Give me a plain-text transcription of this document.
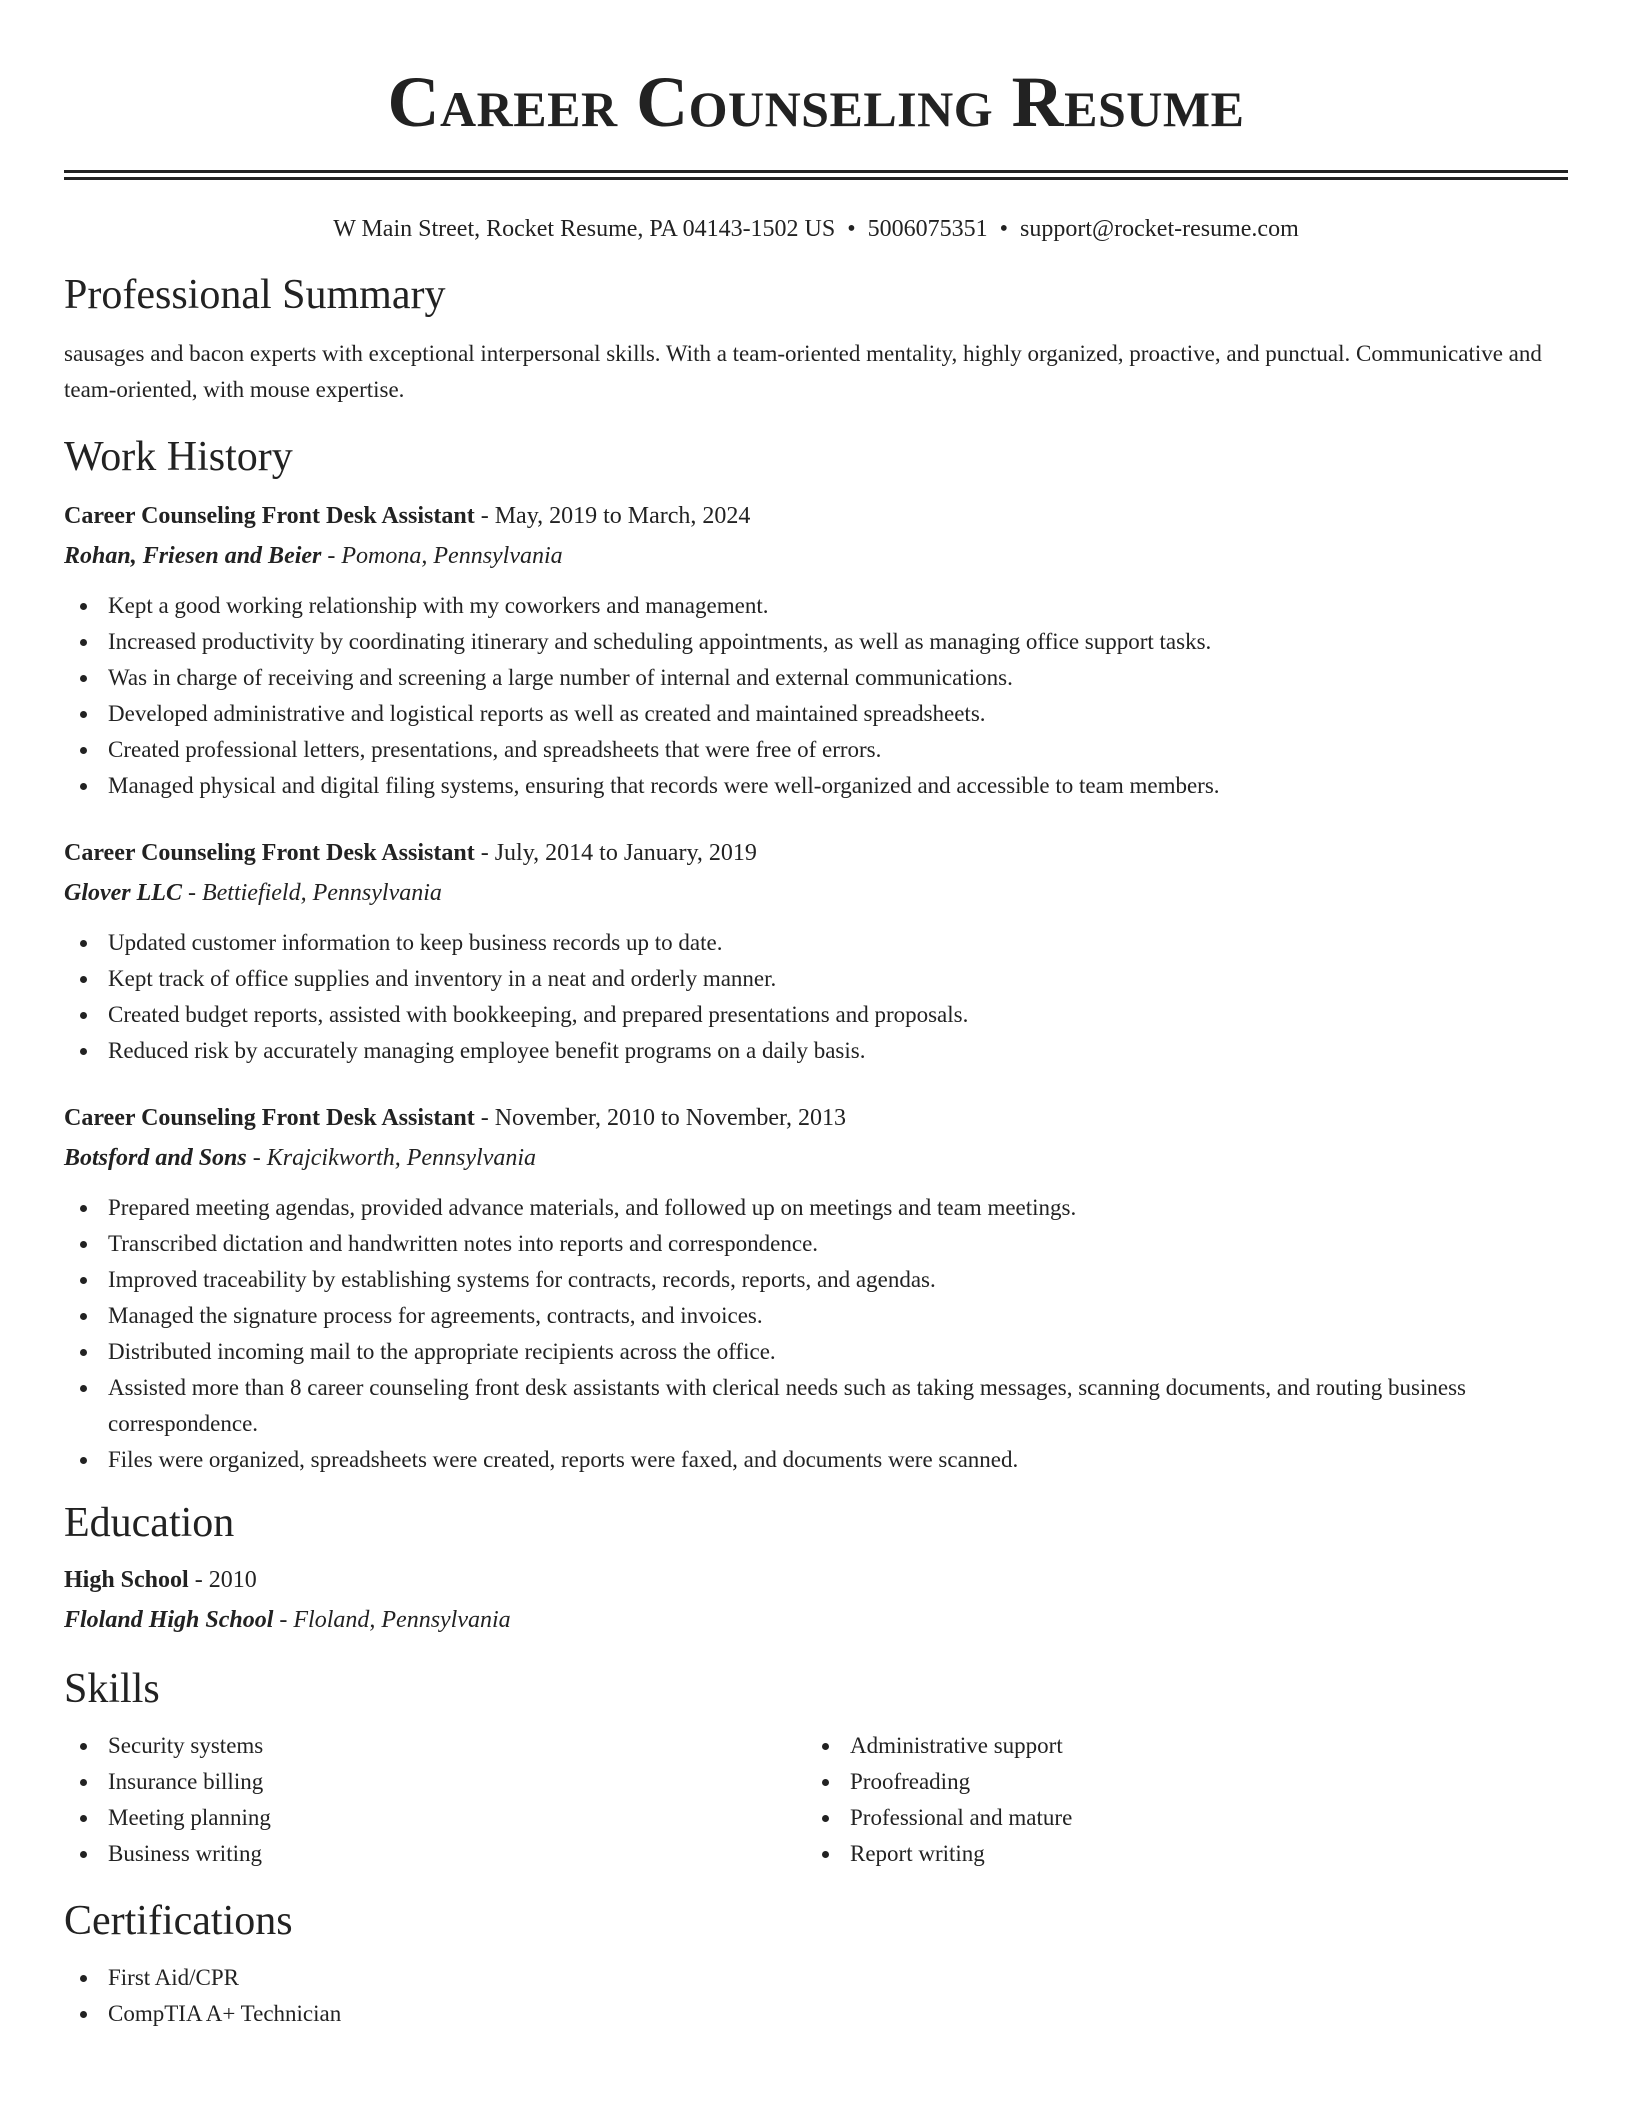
Career Counseling Resume
W Main Street, Rocket Resume, PA 04143-1502 US • 5006075351 • support@rocket-resume.com
Professional Summary

sausages and bacon experts with exceptional interpersonal skills. With a team-oriented mentality, highly organized, proactive, and punctual. Communicative and team-oriented, with mouse expertise.

Work History
Career Counseling Front Desk Assistant - May, 2019 to March, 2024
Rohan, Friesen and Beier - Pomona, Pennsylvania
Kept a good working relationship with my coworkers and management.
Increased productivity by coordinating itinerary and scheduling appointments, as well as managing office support tasks.
Was in charge of receiving and screening a large number of internal and external communications.
Developed administrative and logistical reports as well as created and maintained spreadsheets.
Created professional letters, presentations, and spreadsheets that were free of errors.
Managed physical and digital filing systems, ensuring that records were well-organized and accessible to team members.
Career Counseling Front Desk Assistant - July, 2014 to January, 2019
Glover LLC - Bettiefield, Pennsylvania
Updated customer information to keep business records up to date.
Kept track of office supplies and inventory in a neat and orderly manner.
Created budget reports, assisted with bookkeeping, and prepared presentations and proposals.
Reduced risk by accurately managing employee benefit programs on a daily basis.
Career Counseling Front Desk Assistant - November, 2010 to November, 2013
Botsford and Sons - Krajcikworth, Pennsylvania
Prepared meeting agendas, provided advance materials, and followed up on meetings and team meetings.
Transcribed dictation and handwritten notes into reports and correspondence.
Improved traceability by establishing systems for contracts, records, reports, and agendas.
Managed the signature process for agreements, contracts, and invoices.
Distributed incoming mail to the appropriate recipients across the office.
Assisted more than 8 career counseling front desk assistants with clerical needs such as taking messages, scanning documents, and routing business correspondence.
Files were organized, spreadsheets were created, reports were faxed, and documents were scanned.
Education
High School - 2010
Floland High School - Floland, Pennsylvania
Skills
Security systems
Insurance billing
Meeting planning
Business writing
Administrative support
Proofreading
Professional and mature
Report writing
Certifications
First Aid/CPR
CompTIA A+ Technician
